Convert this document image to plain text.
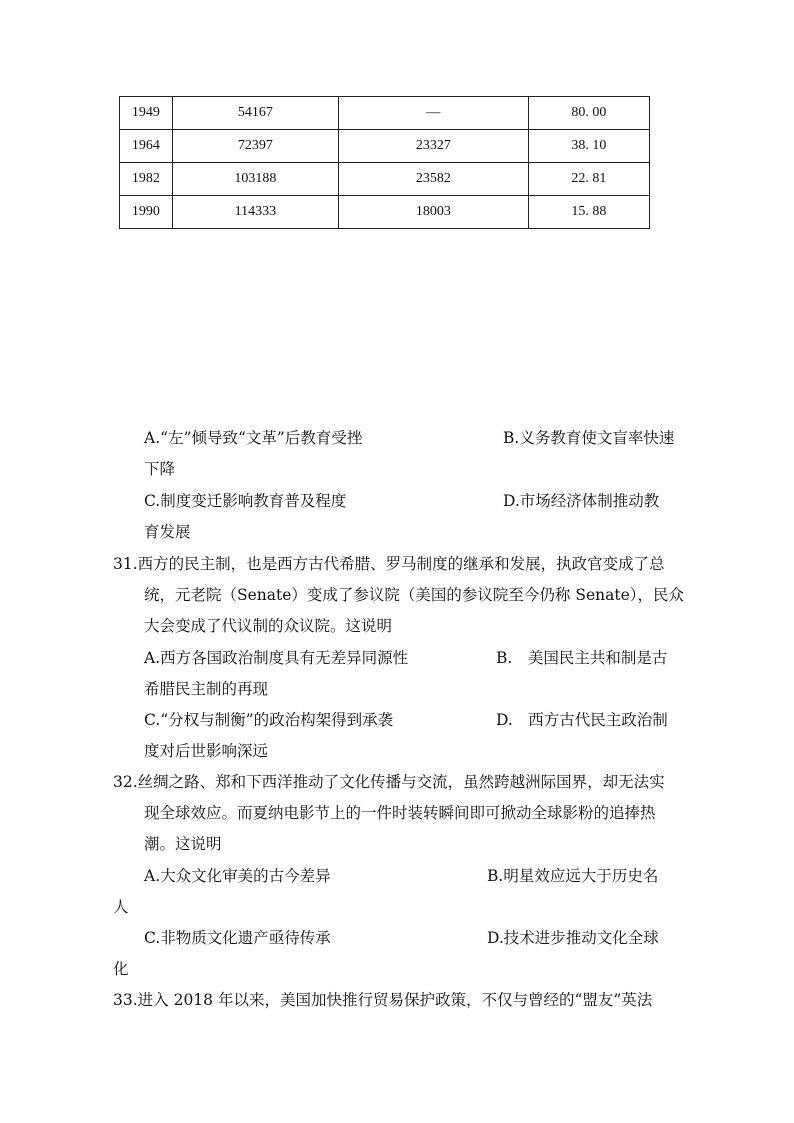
1949	54167	—	80. 00
1964	72397	23327	38. 10
1982	103188	23582	22. 81
1990	114333	18003	15. 88
A.“左”倾导致“文革”后教育受挫	B.义务教育使文盲率快速
下降
C.制度变迁影响教育普及程度	D.市场经济体制推动教
育发展
31.西方的民主制，也是西方古代希腊、罗马制度的继承和发展，执政官变成了总
统，元老院（Senate）变成了参议院（美国的参议院至今仍称 Senate），民众
大会变成了代议制的众议院。这说明
A.西方各国政治制度具有无差异同源性	B.　美国民主共和制是古
希腊民主制的再现
C.“分权与制衡”的政治构架得到承袭	D.　西方古代民主政治制
度对后世影响深远
32.丝绸之路、郑和下西洋推动了文化传播与交流，虽然跨越洲际国界，却无法实
现全球效应。而夏纳电影节上的一件时装转瞬间即可掀动全球影粉的追捧热
潮。这说明
A.大众文化审美的古今差异	B.明星效应远大于历史名
人
C.非物质文化遗产亟待传承	D.技术进步推动文化全球
化
33.进入 2018 年以来，美国加快推行贸易保护政策，不仅与曾经的“盟友”英法
